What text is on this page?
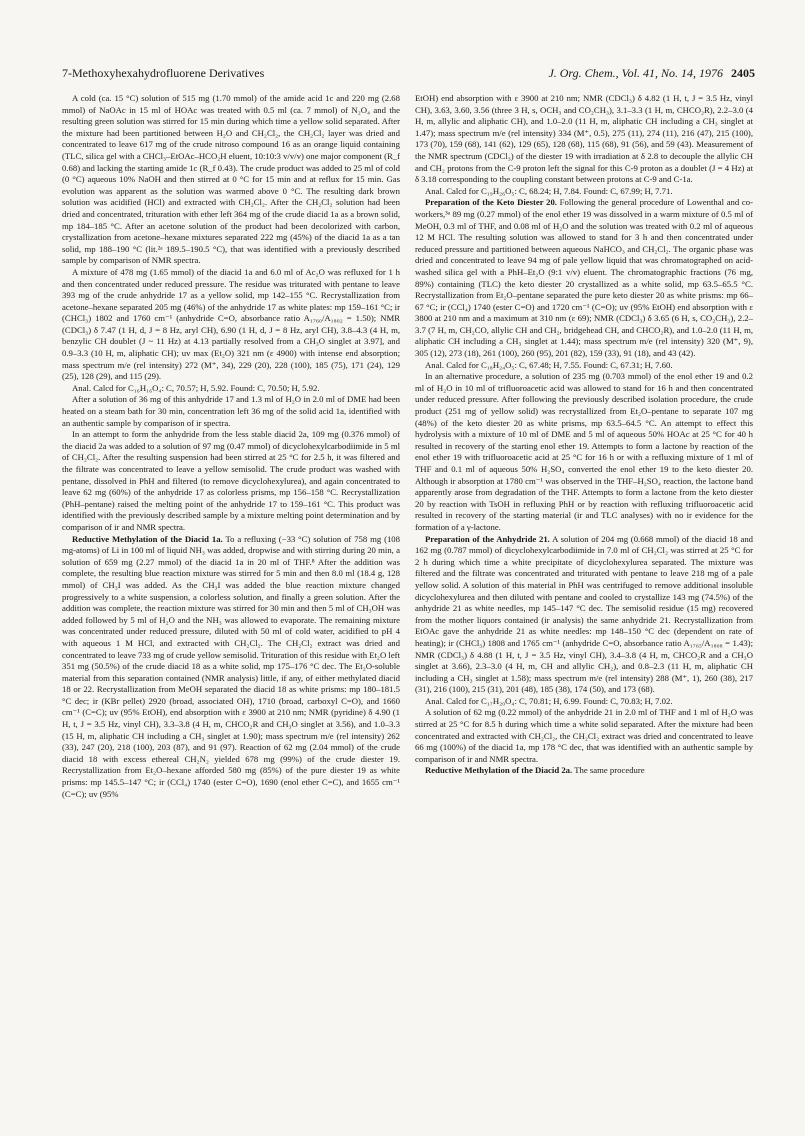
7-Methoxyhexahydrofluorene Derivatives	J. Org. Chem., Vol. 41, No. 14, 1976 2405

A cold (ca. 15 °C) solution of 515 mg (1.70 mmol) of the amide acid 1c and 220 mg (2.68 mmol) of NaOAc in 15 ml of HOAc was treated with 0.5 ml (ca. 7 mmol) of N₂O₄ and the resulting green solution was stirred for 15 min during which time a yellow solid separated. After the mixture had been partitioned between H₂O and CH₂Cl₂, the CH₂Cl₂ layer was dried and concentrated to leave 617 mg of the crude nitroso compound 16 as an orange liquid containing (TLC, silica gel with a CHCl₃–EtOAc–HCO₂H eluent, 10:10:3 v/v/v) one major component (R_f 0.68) and lacking the starting amide 1c (R_f 0.43). The crude product was added to 25 ml of cold (0 °C) aqueous 10% NaOH and then stirred at 0 °C for 15 min and at reflux for 15 min. Gas evolution was apparent as the solution was warmed above 0 °C. The resulting dark brown solution was acidified (HCl) and extracted with CH₂Cl₂. After the CH₂Cl₂ solution had been dried and concentrated, trituration with ether left 364 mg of the crude diacid 1a as a brown solid, mp 184–185 °C. After an acetone solution of the product had been decolorized with carbon, crystallization from acetone–hexane mixtures separated 222 mg (45%) of the diacid 1a as a tan solid, mp 188–190 °C (lit.²ᵃ 189.5–190.5 °C), that was identified with a previously described sample by comparison of NMR spectra.

A mixture of 478 mg (1.65 mmol) of the diacid 1a and 6.0 ml of Ac₂O was refluxed for 1 h and then concentrated under reduced pressure. The residue was triturated with pentane to leave 393 mg of the crude anhydride 17 as a yellow solid, mp 142–155 °C. Recrystallization from acetone–hexane separated 205 mg (46%) of the anhydride 17 as white plates: mp 159–161 °C; ir (CHCl₃) 1802 and 1760 cm⁻¹ (anhydride C=O, absorbance ratio A₁₇₆₀/A₁₈₀₂ = 1.50); NMR (CDCl₃) δ 7.47 (1 H, d, J = 8 Hz, aryl CH), 6.90 (1 H, d, J = 8 Hz, aryl CH), 3.8–4.3 (4 H, m, benzylic CH doublet (J ~ 11 Hz) at 4.13 partially resolved from a CH₃O singlet at 3.97], and 0.9–3.3 (10 H, m, aliphatic CH); uv max (Et₂O) 321 nm (ε 4900) with intense end absorption; mass spectrum m/e (rel intensity) 272 (M⁺, 34), 229 (20), 228 (100), 185 (75), 171 (24), 129 (25), 128 (29), and 115 (29).

Anal. Calcd for C₁₆H₁₆O₄: C, 70.57; H, 5.92. Found: C, 70.50; H, 5.92.

After a solution of 36 mg of this anhydride 17 and 1.3 ml of H₂O in 2.0 ml of DME had been heated on a steam bath for 30 min, concentration left 36 mg of the solid acid 1a, identified with an authentic sample by comparison of ir spectra.

In an attempt to form the anhydride from the less stable diacid 2a, 109 mg (0.376 mmol) of the diacid 2a was added to a solution of 97 mg (0.47 mmol) of dicyclohexylcarbodiimide in 5 ml of CH₂Cl₂. After the resulting suspension had been stirred at 25 °C for 2.5 h, it was filtered and the filtrate was concentrated to leave a yellow semisolid. The crude product was washed with pentane, dissolved in PhH and filtered (to remove dicyclohexylurea), and again concentrated to leave 62 mg (60%) of the anhydride 17 as colorless prisms, mp 156–158 °C. Recrystallization (PhH–pentane) raised the melting point of the anhydride 17 to 159–161 °C. This product was identified with the previously described sample by a mixture melting point determination and by comparison of ir and NMR spectra.

Reductive Methylation of the Diacid 1a. To a refluxing (−33 °C) solution of 758 mg (108 mg-atoms) of Li in 100 ml of liquid NH₃ was added, dropwise and with stirring during 20 min, a solution of 659 mg (2.27 mmol) of the diacid 1a in 20 ml of THF.⁸ After the addition was complete, the resulting blue reaction mixture was stirred for 5 min and then 8.0 ml (18.4 g, 128 mmol) of CH₃I was added. As the CH₃I was added the blue reaction mixture changed progressively to a white suspension, a colorless solution, and finally a green solution. After the addition was complete, the reaction mixture was stirred for 30 min and then 5 ml of CH₃OH was added followed by 5 ml of H₂O and the NH₃ was allowed to evaporate. The remaining mixture was concentrated under reduced pressure, diluted with 50 ml of cold water, acidified to pH 4 with aqueous 1 M HCl, and extracted with CH₂Cl₂. The CH₂Cl₂ extract was dried and concentrated to leave 733 mg of crude yellow semisolid. Trituration of this residue with Et₂O left 351 mg (50.5%) of the crude diacid 18 as a white solid, mp 175–176 °C dec. The Et₂O-soluble material from this separation contained (NMR analysis) little, if any, of either methylated diacid 18 or 22. Recrystallization from MeOH separated the diacid 18 as white prisms: mp 180–181.5 °C dec; ir (KBr pellet) 2920 (broad, associated OH), 1710 (broad, carboxyl C=O), and 1660 cm⁻¹ (C=C); uv (95% EtOH), end absorption with ε 3900 at 210 nm; NMR (pyridine) δ 4.90 (1 H, t, J = 3.5 Hz, vinyl CH), 3.3–3.8 (4 H, m, CHCO₂R and CH₃O singlet at 3.56), and 1.0–3.3 (15 H, m, aliphatic CH including a CH₃ singlet at 1.90); mass spectrum m/e (rel intensity) 262 (33), 247 (20), 218 (100), 203 (87), and 91 (97). Reaction of 62 mg (2.04 mmol) of the crude diacid 18 with excess ethereal CH₂N₂ yielded 678 mg (99%) of the crude diester 19. Recrystallization from Et₂O–hexane afforded 580 mg (85%) of the pure diester 19 as white prisms: mp 145.5–147 °C; ir (CCl₄) 1740 (ester C=O), 1690 (enol ether C=C), and 1655 cm⁻¹ (C=C); uv (95%

EtOH) end absorption with ε 3900 at 210 nm; NMR (CDCl₃) δ 4.82 (1 H, t, J = 3.5 Hz, vinyl CH), 3.63, 3.60, 3.56 (three 3 H, s, OCH₃ and CO₂CH₃), 3.1–3.3 (1 H, m, CHCO₂R), 2.2–3.0 (4 H, m, allylic and aliphatic CH), and 1.0–2.0 (11 H, m, aliphatic CH including a CH₃ singlet at 1.47); mass spectrum m/e (rel intensity) 334 (M⁺, 0.5), 275 (11), 274 (11), 216 (47), 215 (100), 173 (70), 159 (68), 141 (62), 129 (65), 128 (68), 115 (68), 91 (56), and 59 (43). Measurement of the NMR spectrum (CDCl₃) of the diester 19 with irradiation at δ 2.8 to decouple the allylic CH and CH₂ protons from the C-9 proton left the signal for this C-9 proton as a doublet (J = 4 Hz) at δ 3.18 corresponding to the coupling constant between protons at C-9 and C-1a.

Anal. Calcd for C₁₉H₂₆O₅: C, 68.24; H, 7.84. Found: C, 67.99; H, 7.71.

Preparation of the Keto Diester 20. Following the general procedure of Lowenthal and co-workers,³ᵃ 89 mg (0.27 mmol) of the enol ether 19 was dissolved in a warm mixture of 0.5 ml of MeOH, 0.3 ml of THF, and 0.08 ml of H₂O and the solution was treated with 0.2 ml of aqueous 12 M HCl. The resulting solution was allowed to stand for 3 h and then concentrated under reduced pressure and partitioned between aqueous NaHCO₃ and CH₂Cl₂. The organic phase was dried and concentrated to leave 94 mg of pale yellow liquid that was chromatographed on acid-washed silica gel with a PhH–Et₂O (9:1 v/v) eluent. The chromatographic fractions (76 mg, 89%) containing (TLC) the keto diester 20 crystallized as a white solid, mp 63.5–65.5 °C. Recrystallization from Et₂O–pentane separated the pure keto diester 20 as white prisms: mp 66–67 °C; ir (CCl₄) 1740 (ester C=O) and 1720 cm⁻¹ (C=O); uv (95% EtOH) end absorption with ε 3800 at 210 nm and a maximum at 310 nm (ε 69); NMR (CDCl₃) δ 3.65 (6 H, s, CO₂CH₃), 2.2–3.7 (7 H, m, CH₂CO, allylic CH and CH₂, bridgehead CH, and CHCO₂R), and 1.0–2.0 (11 H, m, aliphatic CH including a CH₃ singlet at 1.44); mass spectrum m/e (rel intensity) 320 (M⁺, 9), 305 (12), 273 (18), 261 (100), 260 (95), 201 (82), 159 (33), 91 (18), and 43 (42).

Anal. Calcd for C₁₈H₂₄O₅: C, 67.48; H, 7.55. Found: C, 67.31; H, 7.60.

In an alternative procedure, a solution of 235 mg (0.703 mmol) of the enol ether 19 and 0.2 ml of H₂O in 10 ml of trifluoroacetic acid was allowed to stand for 16 h and then concentrated under reduced pressure. After following the previously described isolation procedure, the crude product (251 mg of yellow solid) was recrystallized from Et₂O–pentane to separate 107 mg (48%) of the keto diester 20 as white prisms, mp 63.5–64.5 °C. An attempt to effect this hydrolysis with a mixture of 10 ml of DME and 5 ml of aqueous 50% HOAc at 25 °C for 40 h resulted in recovery of the starting enol ether 19. Attempts to form a lactone by reaction of the enol ether 19 with trifluoroacetic acid at 25 °C for 16 h or with a refluxing mixture of 1 ml of THF and 0.1 ml of aqueous 50% H₂SO₄ converted the enol ether 19 to the keto diester 20. Although ir absorption at 1780 cm⁻¹ was observed in the THF–H₂SO₄ reaction, the lactone band apparently arose from degradation of the THF. Attempts to form a lactone from the keto diester 20 by reaction with TsOH in refluxing PhH or by reaction with refluxing trifluoroacetic acid resulted in recovery of the starting material (ir and TLC analyses) with no ir evidence for the formation of a γ-lactone.

Preparation of the Anhydride 21. A solution of 204 mg (0.668 mmol) of the diacid 18 and 162 mg (0.787 mmol) of dicyclohexylcarbodiimide in 7.0 ml of CH₂Cl₂ was stirred at 25 °C for 2 h during which time a white precipitate of dicyclohexylurea separated. The mixture was filtered and the filtrate was concentrated and triturated with pentane to leave 218 mg of a pale yellow solid. A solution of this material in PhH was centrifuged to remove additional insoluble dicyclohexylurea and then diluted with pentane and cooled to crystallize 143 mg (74.5%) of the anhydride 21 as white needles, mp 145–147 °C dec. The semisolid residue (15 mg) recovered from the mother liquors contained (ir analysis) the same anhydride 21. Recrystallization from EtOAc gave the anhydride 21 as white needles: mp 148–150 °C dec (dependent on rate of heating); ir (CHCl₃) 1808 and 1765 cm⁻¹ (anhydride C=O, absorbance ratio A₁₇₆₅/A₁₈₀₈ = 1.43); NMR (CDCl₃) δ 4.88 (1 H, t, J = 3.5 Hz, vinyl CH), 3.4–3.8 (4 H, m, CHCO₂R and a CH₃O singlet at 3.66), 2.3–3.0 (4 H, m, CH and allylic CH₂), and 0.8–2.3 (11 H, m, aliphatic CH including a CH₃ singlet at 1.58); mass spectrum m/e (rel intensity) 288 (M⁺, 1), 260 (38), 217 (31), 216 (100), 215 (31), 201 (48), 185 (38), 174 (50), and 173 (68).

Anal. Calcd for C₁₇H₂₀O₄: C, 70.81; H, 6.99. Found: C, 70.83; H, 7.02.

A solution of 62 mg (0.22 mmol) of the anhydride 21 in 2.0 ml of THF and 1 ml of H₂O was stirred at 25 °C for 8.5 h during which time a white solid separated. After the mixture had been concentrated and extracted with CH₂Cl₂, the CH₂Cl₂ extract was dried and concentrated to leave 66 mg (100%) of the diacid 1a, mp 178 °C dec, that was identified with an authentic sample by comparison of ir and NMR spectra.

Reductive Methylation of the Diacid 2a. The same procedure
